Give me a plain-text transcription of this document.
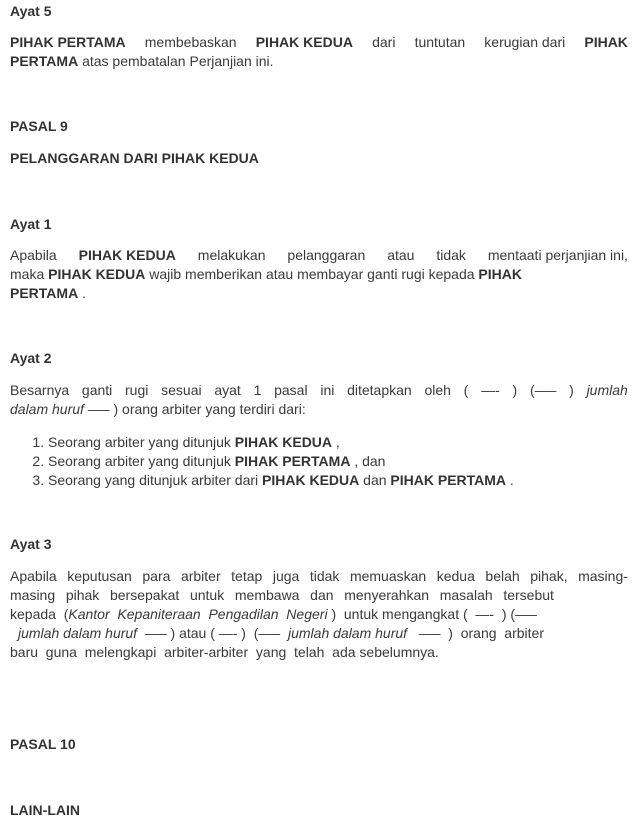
Ayat 5
PIHAK PERTAMA membebaskan PIHAK KEDUA dari tuntutan kerugian dari PIHAK
PERTAMA atas pembatalan Perjanjian ini.
PASAL 9
PELANGGARAN DARI PIHAK KEDUA
Ayat 1
Apabila PIHAK KEDUA melakukan pelanggaran atau tidak mentaati perjanjian ini,
maka PIHAK KEDUA wajib memberikan atau membayar ganti rugi kepada PIHAK
PERTAMA .
Ayat 2
Besarnya ganti rugi sesuai ayat 1 pasal ini ditetapkan oleh ( —- ) (—– ) jumlah
dalam huruf —– ) orang arbiter yang terdiri dari:
1. Seorang arbiter yang ditunjuk PIHAK KEDUA ,
2. Seorang arbiter yang ditunjuk PIHAK PERTAMA , dan
3. Seorang yang ditunjuk arbiter dari PIHAK KEDUA dan PIHAK PERTAMA .
Ayat 3
Apabila keputusan para arbiter tetap juga tidak memuaskan kedua belah pihak, masing-
masing pihak bersepakat untuk membawa dan menyerahkan masalah tersebut
kepada  (Kantor  Kepaniteraan  Pengadilan  Negeri )  untuk mengangkat (  —-  ) (—–
jumlah dalam huruf  —– ) atau ( —- )  (—–  jumlah dalam huruf   —–  )  orang  arbiter
baru  guna  melengkapi  arbiter-arbiter  yang  telah  ada sebelumnya.
PASAL 10
LAIN-LAIN
